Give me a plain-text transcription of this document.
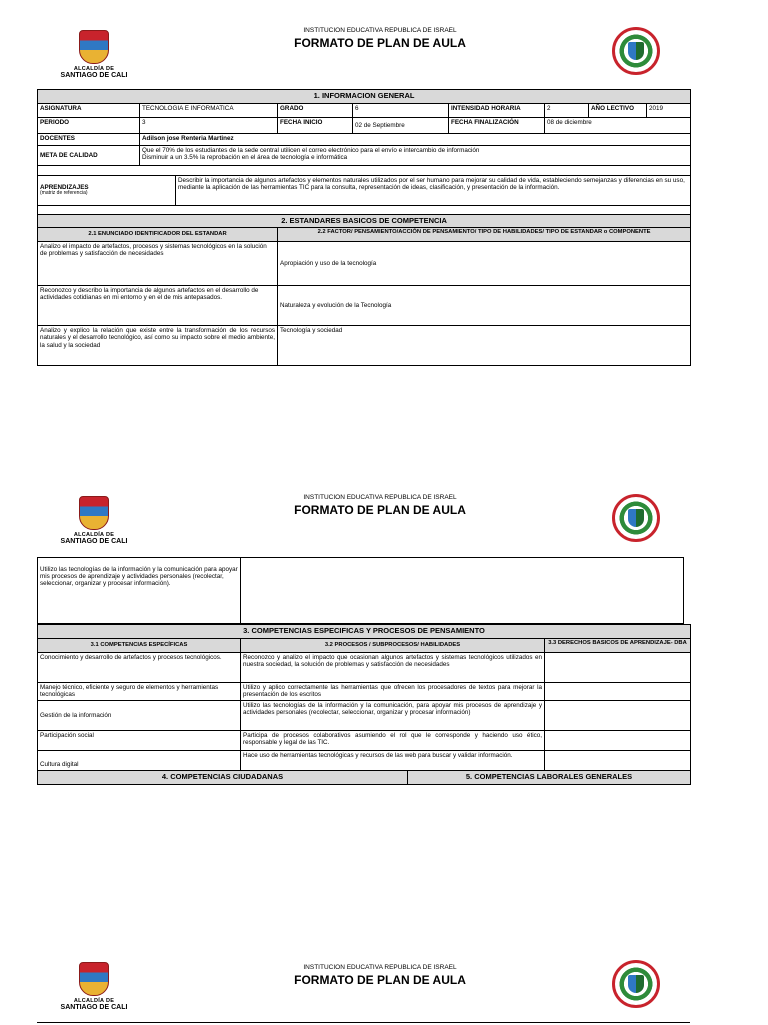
ALCALDÍA DE
SANTIAGO DE CALI
INSTITUCION EDUCATIVA REPUBLICA DE ISRAEL
FORMATO DE PLAN DE AULA
1. INFORMACION GENERAL								
ASIGNATURA	TECNOLOGIA E INFORMATICA		GRADO	6	INTENSIDAD HORARIA	2	AÑO LECTIVO	2019
PERIODO	3		FECHA INICIO	02 de Septiembre	FECHA FINALIZACIÓN	08 de diciembre		
DOCENTES	Adilson jose Renteria Martinez							
META DE CALIDAD	Que el 70% de los estudiantes de la sede central utilicen el correo electrónico para el envío e intercambio de información
Disminuir a un 3.5% la reprobación en el área de tecnología e informática							

APRENDIZAJES
(matriz de referencia)		Describir la importancia de algunos artefactos y elementos naturales utilizados por el ser humano para mejorar su calidad de vida, estableciendo semejanzas y diferencias en su uso, mediante la aplicación de las herramientas TIC para la consulta, representación de ideas, clasificación, y presentación de la información.						

2. ESTANDARES BASICOS DE COMPETENCIA								
2.1 ENUNCIADO IDENTIFICADOR DEL ESTANDAR			2.2 FACTOR/ PENSAMIENTO/ACCIÓN DE PENSAMIENTO/ TIPO DE HABILIDADES/ TIPO DE ESTANDAR o COMPONENTE					
Analizo el impacto de artefactos, procesos y sistemas tecnológicos en la solución de problemas y satisfacción de necesidades			Apropiación y uso de la tecnología					
Reconozco y describo la importancia de algunos artefactos en el desarrollo de actividades cotidianas en mi entorno y en el de mis antepasados.			Naturaleza y evolución de la Tecnología					
Analizo y explico la relación que existe entre la transformación de los recursos naturales y el desarrollo tecnológico, así como su impacto sobre el medio ambiente, la salud y la sociedad			Tecnología y sociedad					
ALCALDÍA DE
SANTIAGO DE CALI
INSTITUCION EDUCATIVA REPUBLICA DE ISRAEL
FORMATO DE PLAN DE AULA
Utilizo las tecnologías de la información y la comunicación para apoyar mis procesos de aprendizaje y actividades personales (recolectar, seleccionar, organizar y procesar información).	
3. COMPETENCIAS ESPECIFICAS Y PROCESOS DE PENSAMIENTO		
3.1 COMPETENCIAS ESPECÍFICAS	3.2 PROCESOS / SUBPROCESOS/ HABILIDADES	3.3 DERECHOS BASICOS DE APRENDIZAJE- DBA
Conocimiento y desarrollo de artefactos y procesos tecnológicos.	Reconozco y analizo el impacto que ocasionan algunos artefactos y sistemas tecnológicos utilizados en nuestra sociedad, la solución de problemas y satisfacción de necesidades	
Manejo técnico, eficiente y seguro de elementos y herramientas tecnológicas	Utilizo y aplico correctamente las herramientas que ofrecen los procesadores de textos para mejorar la presentación de los escritos	
Gestión de la información	Utilizo las tecnologías de la información y la comunicación, para apoyar mis procesos de aprendizaje y actividades personales (recolectar, seleccionar, organizar y procesar información)	
Participación social	Participa de procesos colaborativos asumiendo el rol que le corresponde y haciendo uso ético, responsable y legal de las TIC.	
Cultura digital	Hace uso de herramientas tecnológicas y recursos de las web para buscar y validar información.	
4. COMPETENCIAS CIUDADANAS	5. COMPETENCIAS LABORALES GENERALES
ALCALDÍA DE
SANTIAGO DE CALI
INSTITUCION EDUCATIVA REPUBLICA DE ISRAEL
FORMATO DE PLAN DE AULA
